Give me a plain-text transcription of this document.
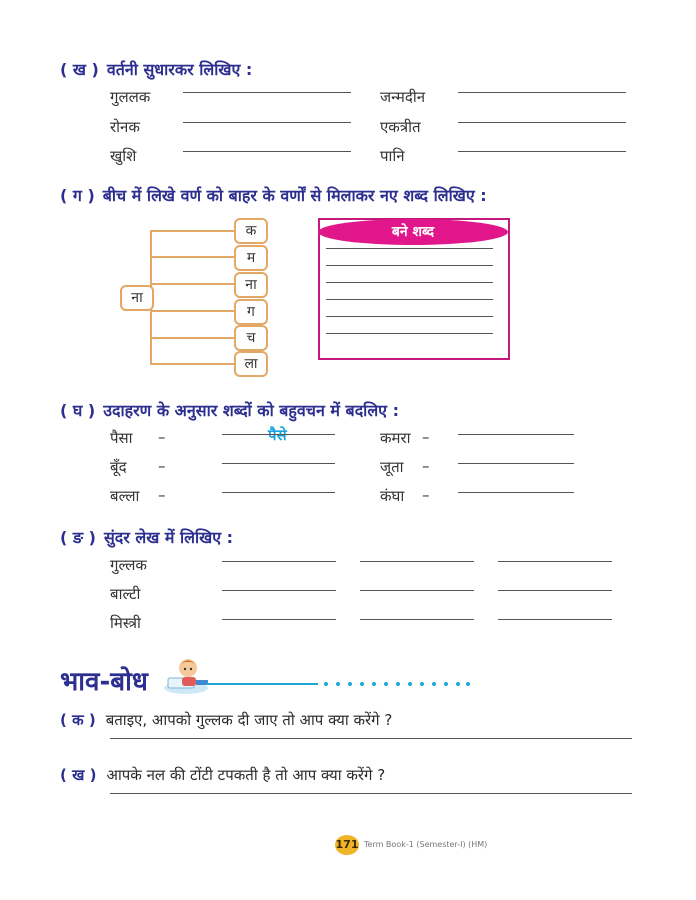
( ख ) वर्तनी सुधारकर लिखिए :
गुललक	जन्मदीन
रोनक	एकत्रीत
खुशि	पानि
( ग ) बीच में लिखे वर्ण को बाहर के वर्णों से मिलाकर नए शब्द लिखिए :
ना
क
म
ना
ग
च
ला
बने शब्द
( घ ) उदाहरण के अनुसार शब्दों को बहुवचन में बदलिए :
पैसा –	पैसे	कमरा –
बूँद –	जूता –
बल्ला –	कंघा –
( ङ ) सुंदर लेख में लिखिए :
गुल्लक
बाल्टी
मिस्त्री
भाव-बोध
( क ) बताइए, आपको गुल्लक दी जाए तो आप क्या करेंगे ?
( ख ) आपके नल की टोंटी टपकती है तो आप क्या करेंगे ?
171 Term Book-1 (Semester-I) (HM)
